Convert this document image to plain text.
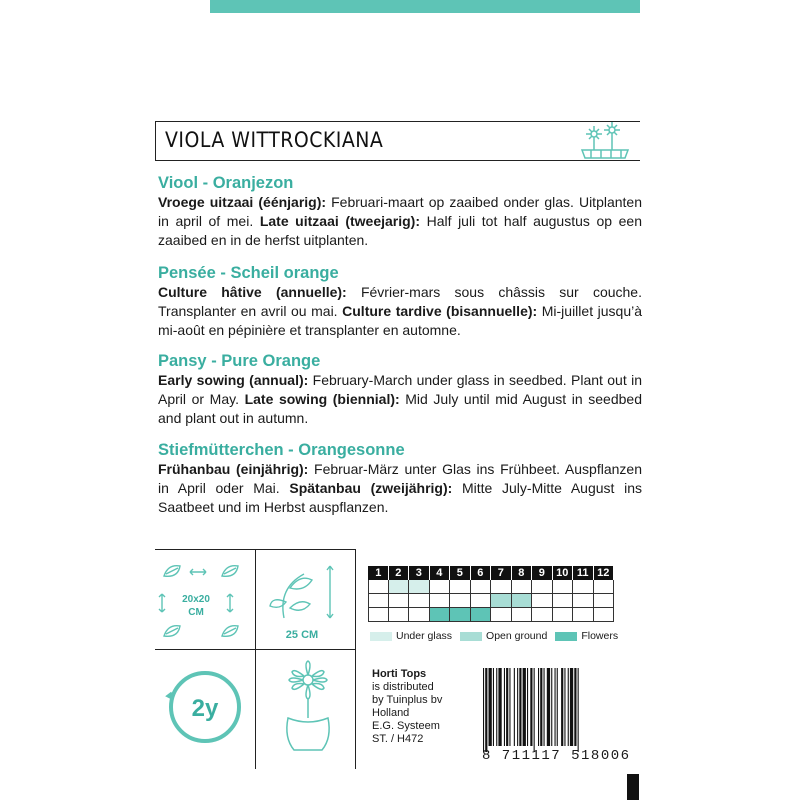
VIOLA WITTROCKIANA
Viool - Oranjezon

Vroege uitzaai (éénjarig): Februari-maart op zaaibed onder glas. Uitplanten in april of mei. Late uitzaai (tweejarig): Half juli tot half augustus op een zaaibed en in de herfst uitplanten.

Pensée - Scheil orange

Culture hâtive (annuelle): Février-mars sous châssis sur couche. Transplanter en avril ou mai. Culture tardive (bisannuelle): Mi-juillet jusqu’à mi-août en pépinière et transplanter en automne.

Pansy - Pure Orange

Early sowing (annual): February-March under glass in seedbed. Plant out in April or May. Late sowing (biennial): Mid July until mid August in seedbed and plant out in autumn.

Stiefmütterchen - Orangesonne

Frühanbau (einjährig): Februar-März unter Glas ins Frühbeet. Auspflanzen in April oder Mai. Spätanbau (zweijährig): Mitte July-Mitte August ins Saatbeet und im Herbst auspflanzen.

20x20
CM
25 CM
2y
1	2	3	4	5	6	7	8	9	10 11 12
Under glass	Open ground	Flowers
Horti Tops
is distributed
by Tuinplus bv
Holland
E.G. Systeem
ST. / H472
8 711117 518006
